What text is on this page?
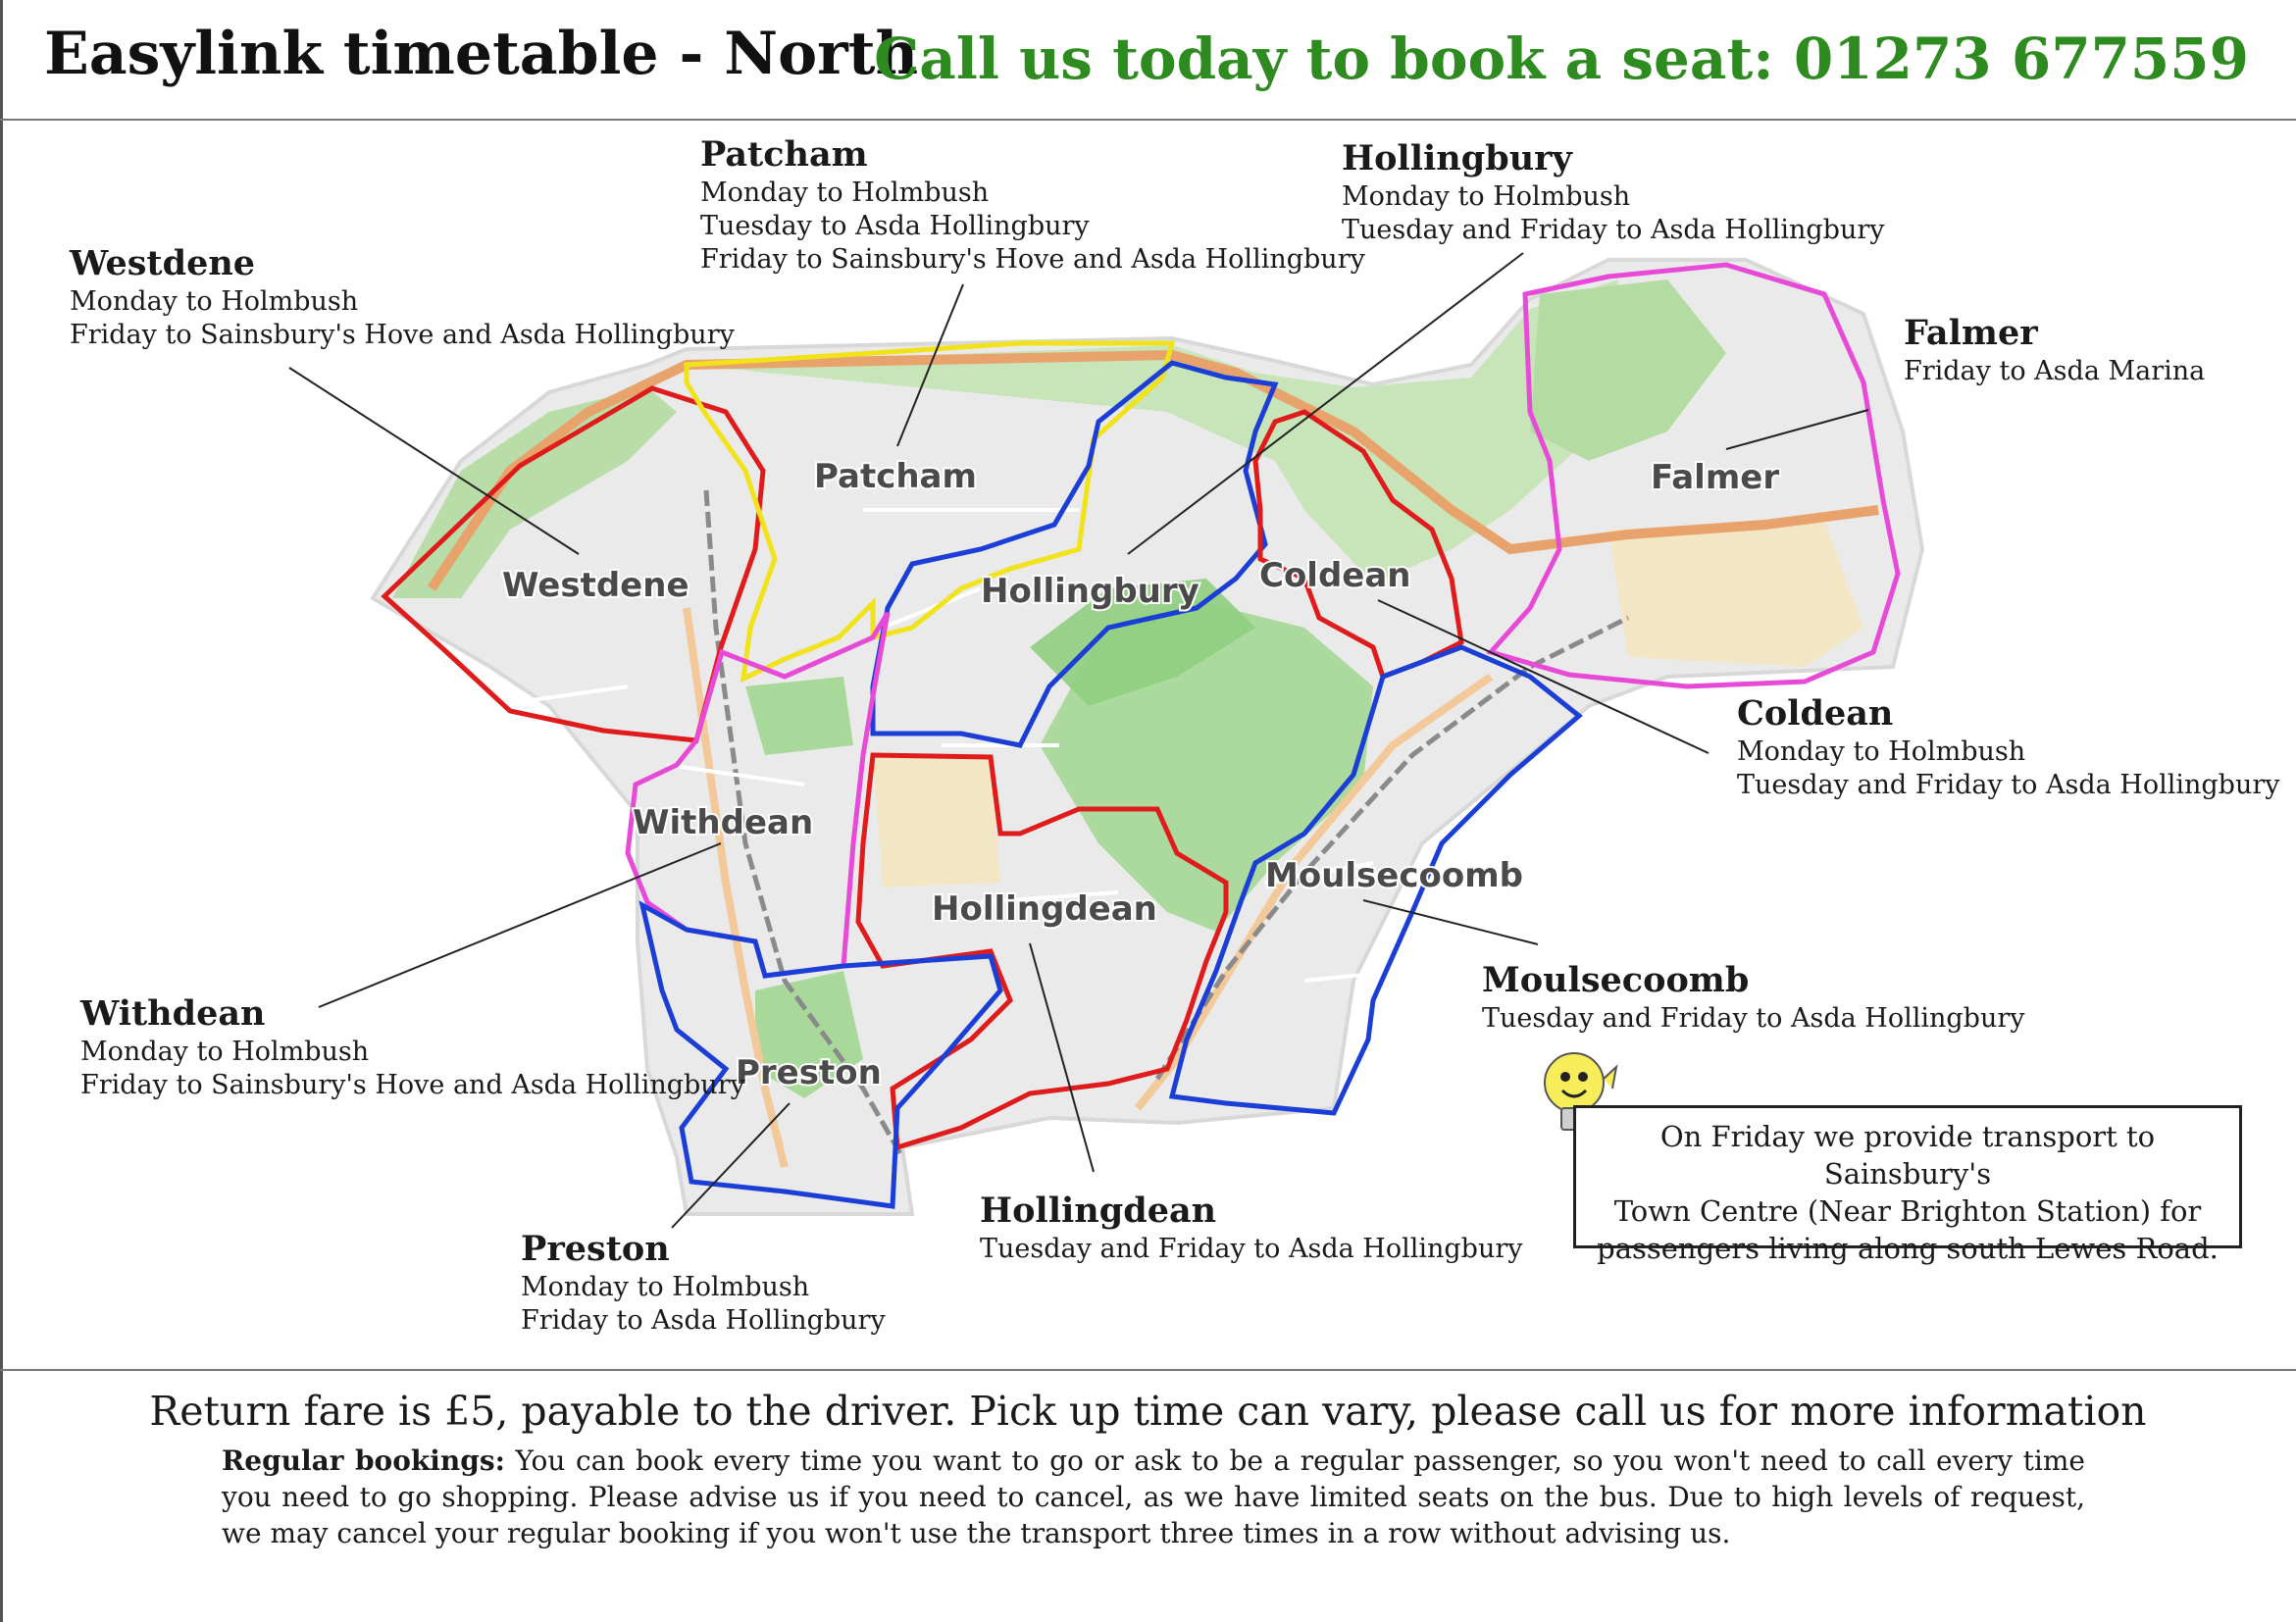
Easylink timetable - North
Call us today to book a seat: 01273 677559
Westdene
Patcham
Hollingbury Coldean
Falmer
Withdean
Hollingdean
Moulsecoomb
Preston
Patcham
Monday to Holmbush
Tuesday to Asda Hollingbury
Friday to Sainsbury's Hove and Asda Hollingbury
Hollingbury
Monday to Holmbush
Tuesday and Friday to Asda Hollingbury
Westdene
Monday to Holmbush
Friday to Sainsbury's Hove and Asda Hollingbury	Falmer
Friday to Asda Marina
Coldean
Monday to Holmbush
Tuesday and Friday to Asda Hollingbury
Withdean
Monday to Holmbush
Friday to Sainsbury's Hove and Asda Hollingbury
Moulsecoomb
Tuesday and Friday to Asda Hollingbury
Hollingdean
Tuesday and Friday to Asda Hollingbury
Preston
Monday to Holmbush
Friday to Asda Hollingbury
On Friday we provide transport to Sainsbury's
Town Centre (Near Brighton Station) for
passengers living along south Lewes Road.
Return fare is £5, payable to the driver. Pick up time can vary, please call us for more information
Regular bookings: You can book every time you want to go or ask to be a regular passenger, so you won't need to call every time you need to go shopping. Please advise us if you need to cancel, as we have limited seats on the bus. Due to high levels of request, we may cancel your regular booking if you won't use the transport three times in a row without advising us.
